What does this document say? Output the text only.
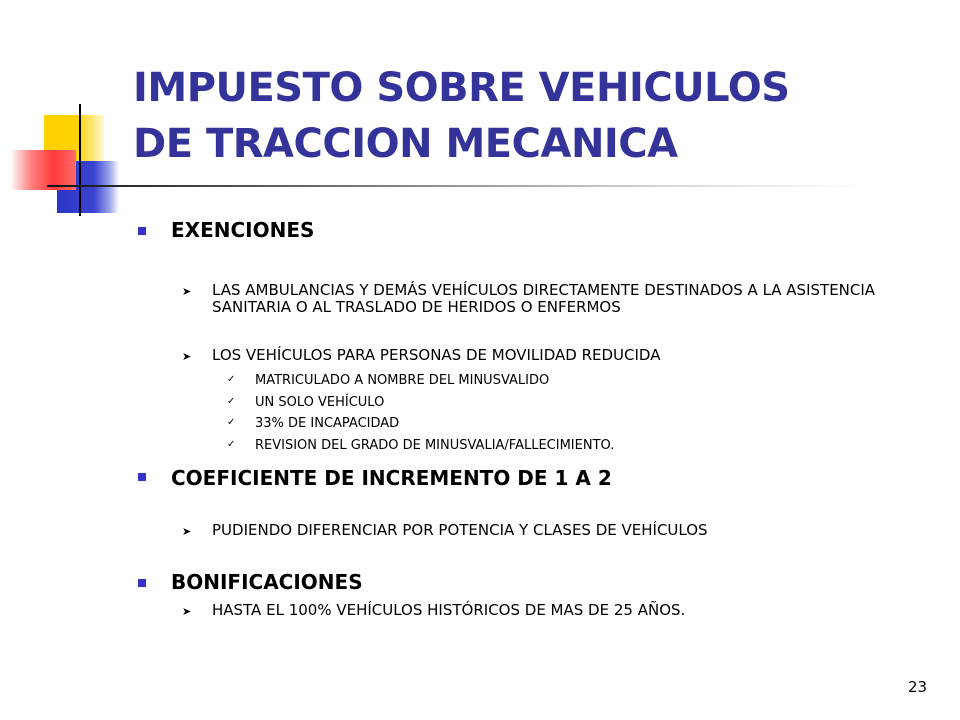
IMPUESTO SOBRE VEHICULOS
DE TRACCION MECANICA
EXENCIONES
➤ LAS AMBULANCIAS Y DEMÁS VEHÍCULOS DIRECTAMENTE DESTINADOS A LA ASISTENCIA SANITARIA O AL TRASLADO DE HERIDOS O ENFERMOS
➤ LOS VEHÍCULOS PARA PERSONAS DE MOVILIDAD REDUCIDA
✓ MATRICULADO A NOMBRE DEL MINUSVALIDO
✓ UN SOLO VEHÍCULO
✓ 33% DE INCAPACIDAD
✓ REVISION DEL GRADO DE MINUSVALIA/FALLECIMIENTO.
COEFICIENTE DE INCREMENTO DE 1 A 2
➤ PUDIENDO DIFERENCIAR POR POTENCIA Y CLASES DE VEHÍCULOS
BONIFICACIONES
➤ HASTA EL 100% VEHÍCULOS HISTÓRICOS DE MAS DE 25 AÑOS.
23
